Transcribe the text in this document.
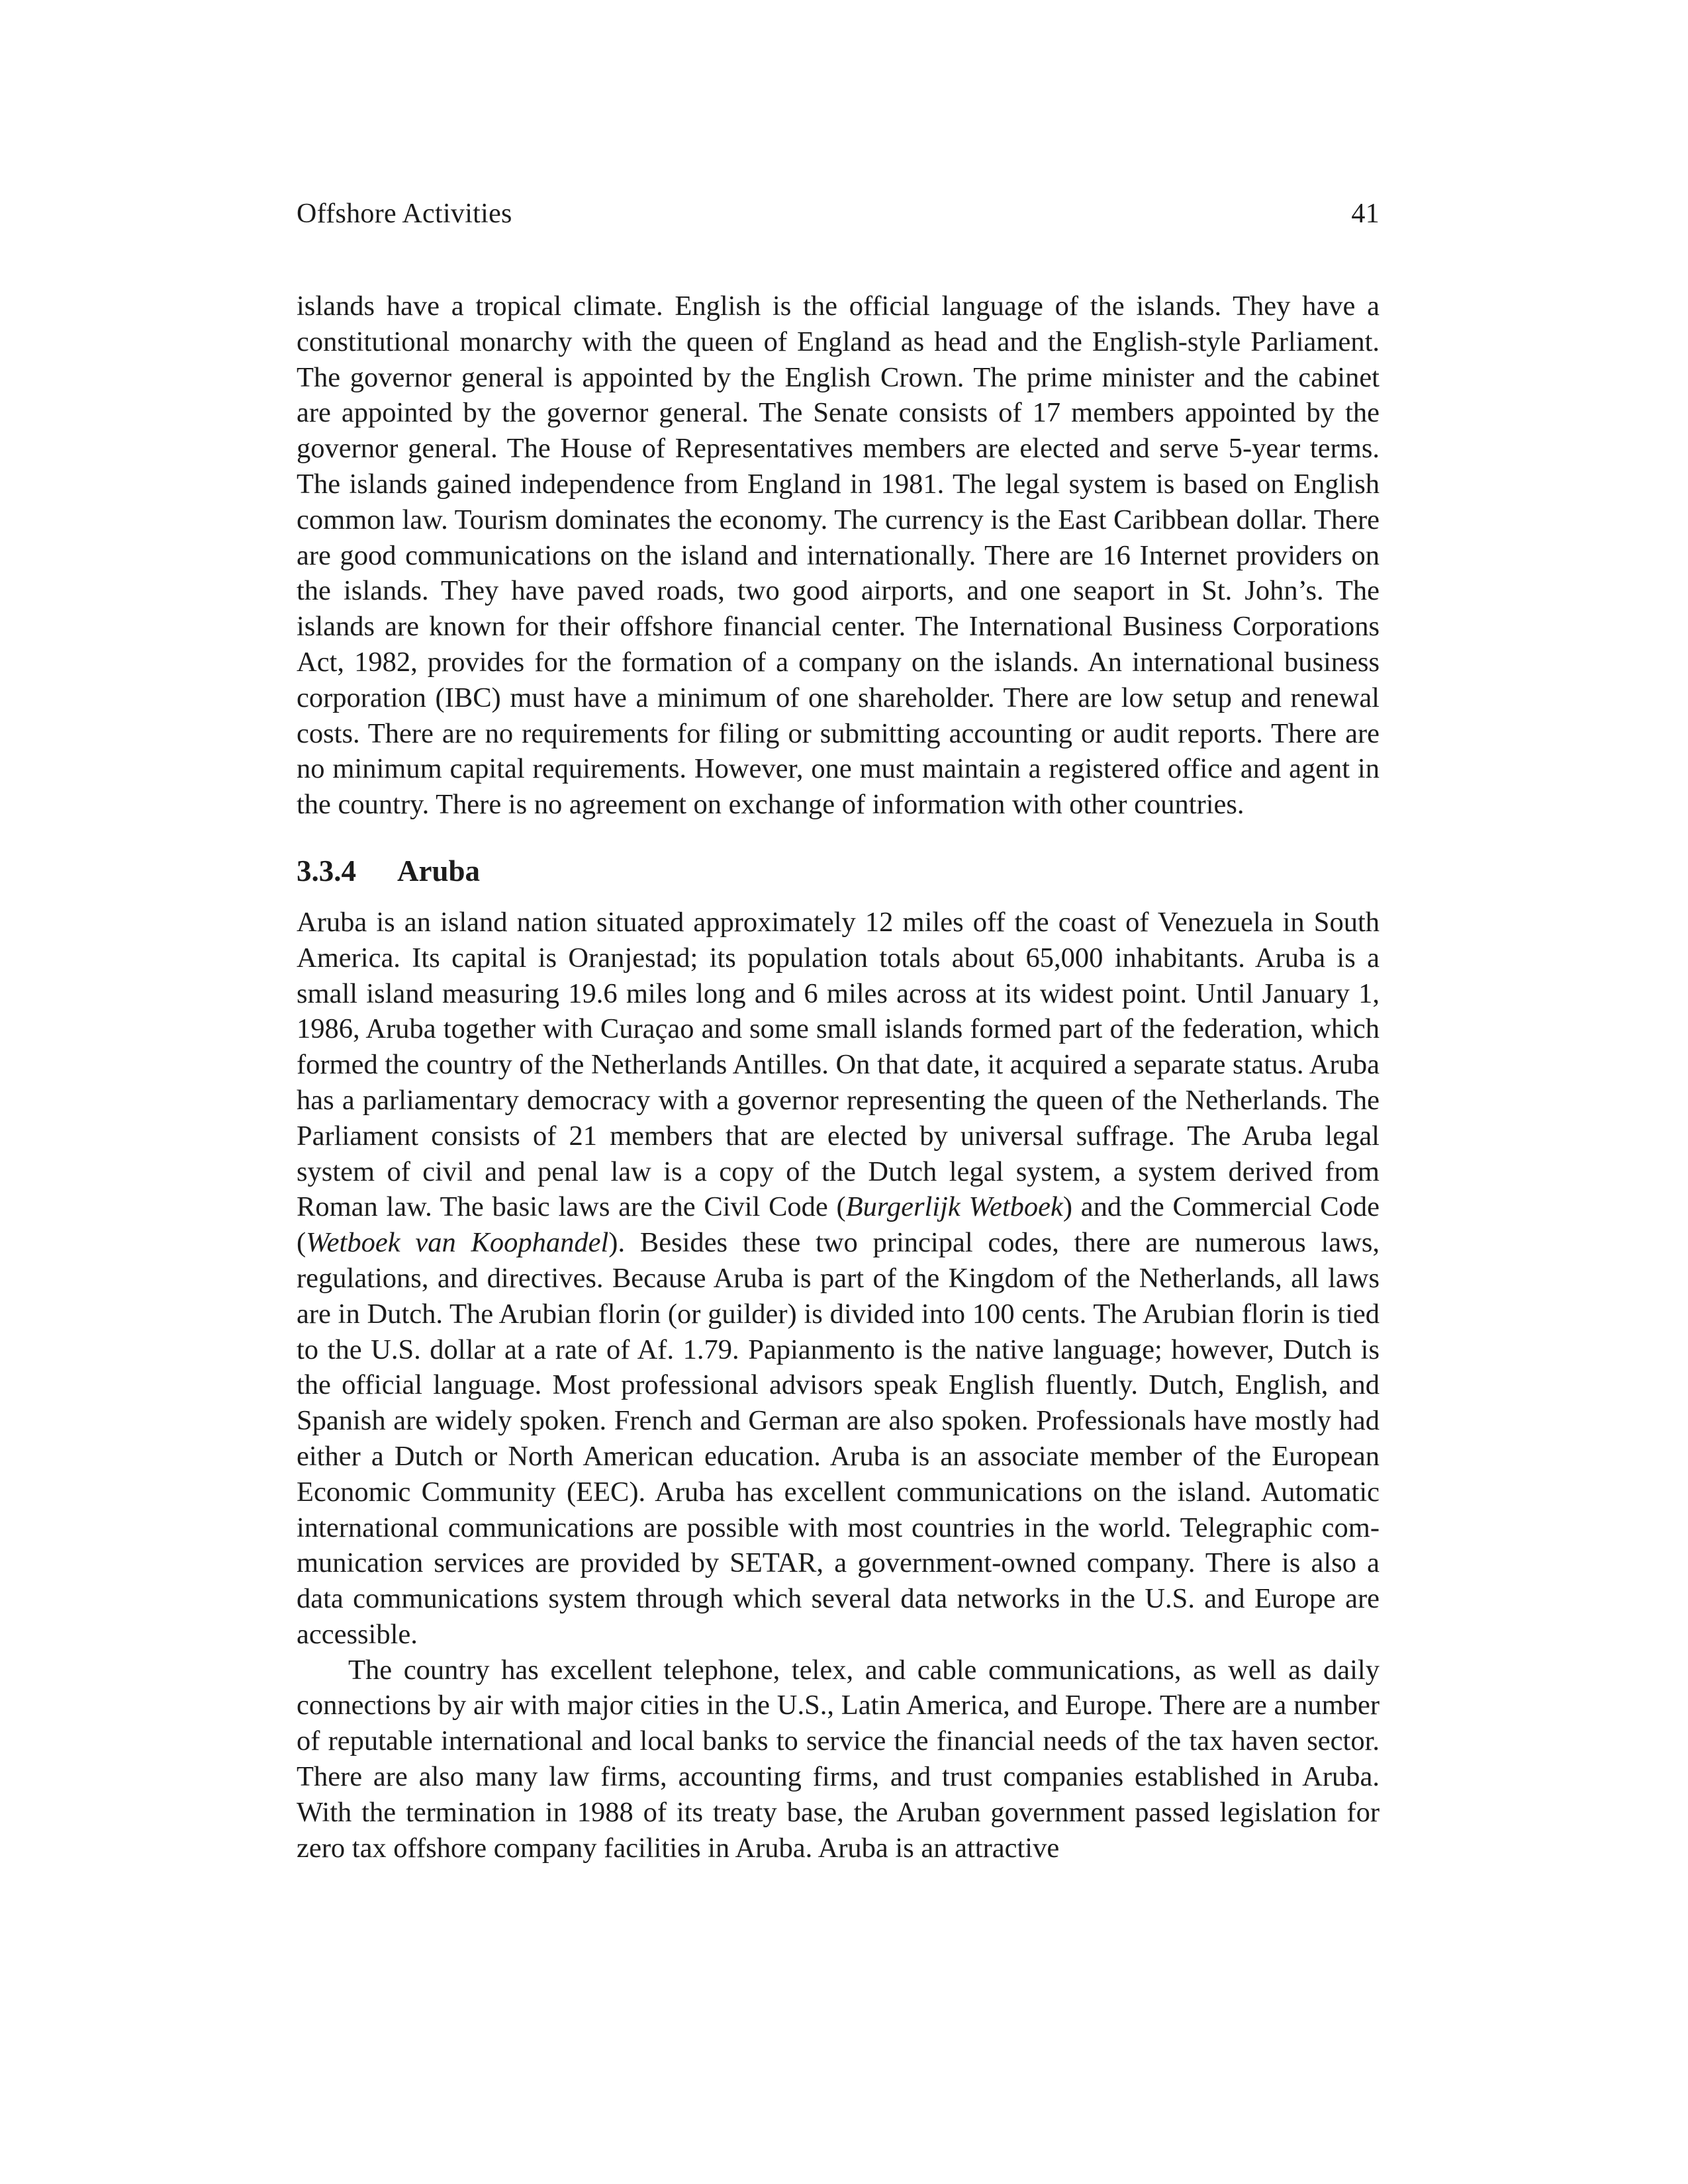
Offshore Activities	41

islands have a tropical climate. English is the official language of the islands. They have a constitutional monarchy with the queen of England as head and the English-style Parliament. The governor general is appointed by the English Crown. The prime minister and the cabinet are appointed by the governor general. The Senate consists of 17 members appointed by the governor general. The House of Representatives members are elected and serve 5-year terms. The islands gained independence from England in 1981. The legal system is based on English common law. Tourism dominates the economy. The currency is the East Caribbean dollar. There are good communications on the island and internationally. There are 16 Internet providers on the islands. They have paved roads, two good airports, and one seaport in St. John’s. The islands are known for their offshore financial center. The International Business Corporations Act, 1982, provides for the formation of a company on the islands. An international business corporation (IBC) must have a minimum of one shareholder. There are low setup and renewal costs. There are no requirements for filing or submitting accounting or audit reports. There are no minimum capital requirements. However, one must maintain a registered office and agent in the country. There is no agreement on exchange of information with other countries.

3.3.4	Aruba

Aruba is an island nation situated approximately 12 miles off the coast of Venezuela in South America. Its capital is Oranjestad; its population totals about 65,000 inhabitants. Aruba is a small island measuring 19.6 miles long and 6 miles across at its widest point. Until January 1, 1986, Aruba together with Curaçao and some small islands formed part of the federation, which formed the country of the Netherlands Antilles. On that date, it acquired a separate status. Aruba has a parliamentary democracy with a governor representing the queen of the Netherlands. The Parliament consists of 21 members that are elected by universal suffrage. The Aruba legal system of civil and penal law is a copy of the Dutch legal system, a system derived from Roman law. The basic laws are the Civil Code (Burgerlijk Wetboek) and the Commercial Code (Wetboek van Koophandel). Besides these two principal codes, there are numerous laws, regulations, and directives. Because Aruba is part of the Kingdom of the Netherlands, all laws are in Dutch. The Arubian florin (or guilder) is divided into 100 cents. The Arubian florin is tied to the U.S. dollar at a rate of Af. 1.79. Papianmento is the native language; however, Dutch is the official language. Most professional advisors speak English fluently. Dutch, English, and Spanish are widely spoken. French and German are also spoken. Professionals have mostly had either a Dutch or North American education. Aruba is an associate member of the European Economic Community (EEC). Aruba has excellent communications on the island. Automatic international communications are possible with most countries in the world. Telegraphic communication services are provided by SETAR, a government-owned company. There is also a data communications system through which several data networks in the U.S. and Europe are accessible.

The country has excellent telephone, telex, and cable communications, as well as daily connections by air with major cities in the U.S., Latin America, and Europe. There are a number of reputable international and local banks to service the financial needs of the tax haven sector. There are also many law firms, accounting firms, and trust companies established in Aruba. With the termination in 1988 of its treaty base, the Aruban government passed legislation for zero tax offshore company facilities in Aruba. Aruba is an attractive
